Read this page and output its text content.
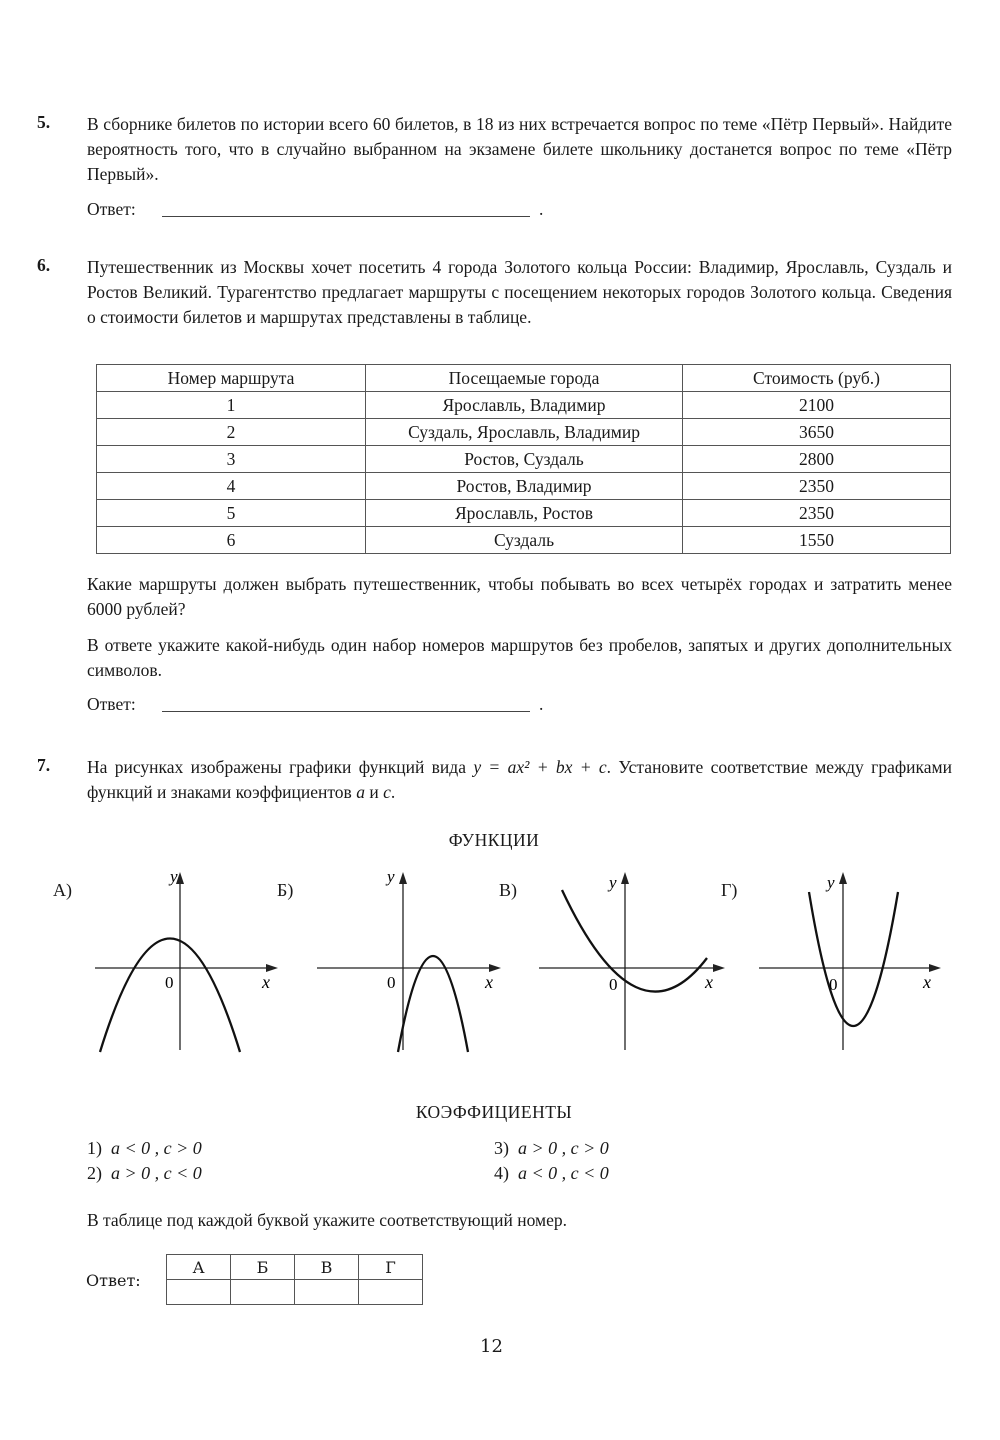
5. В сборнике билетов по истории всего 60 билетов, в 18 из них встречается вопрос по теме «Пётр Первый». Найдите вероятность того, что в случайно выбранном на экзамене билете школьнику достанется вопрос по теме «Пётр Первый».
Ответ:	.
6. Путешественник из Москвы хочет посетить 4 города Золотого кольца России: Владимир, Ярославль, Суздаль и Ростов Великий. Турагентство предлагает маршруты с посещением некоторых городов Золотого кольца. Сведения о стоимости билетов и маршрутах представлены в таблице.
Номер маршрута	Посещаемые города	Стоимость (руб.)
1	Ярославль, Владимир	2100
2	Суздаль, Ярославль, Владимир	3650
3	Ростов, Суздаль	2800
4	Ростов, Владимир	2350
5	Ярославль, Ростов	2350
6	Суздаль	1550
Какие маршруты должен выбрать путешественник, чтобы побывать во всех четырёх городах и затратить менее 6000 рублей?
В ответе укажите какой-нибудь один набор номеров маршрутов без пробелов, запятых и других дополнительных символов.
Ответ:	.
7. На рисунках изображены графики функций вида y = ax² + bx + c. Установите соответствие между графиками функций и знаками коэффициентов a и c.
ФУНКЦИИ
А)
y
x
0
Б)
y
x
0
В)	y
x
0
Г)	y
x
0
КОЭФФИЦИЕНТЫ
1) a < 0 , c > 0
2) a > 0 , c < 0
3) a > 0 , c > 0
4) a < 0 , c < 0
В таблице под каждой буквой укажите соответствующий номер.
Ответ:
А	Б	В	Г

12
